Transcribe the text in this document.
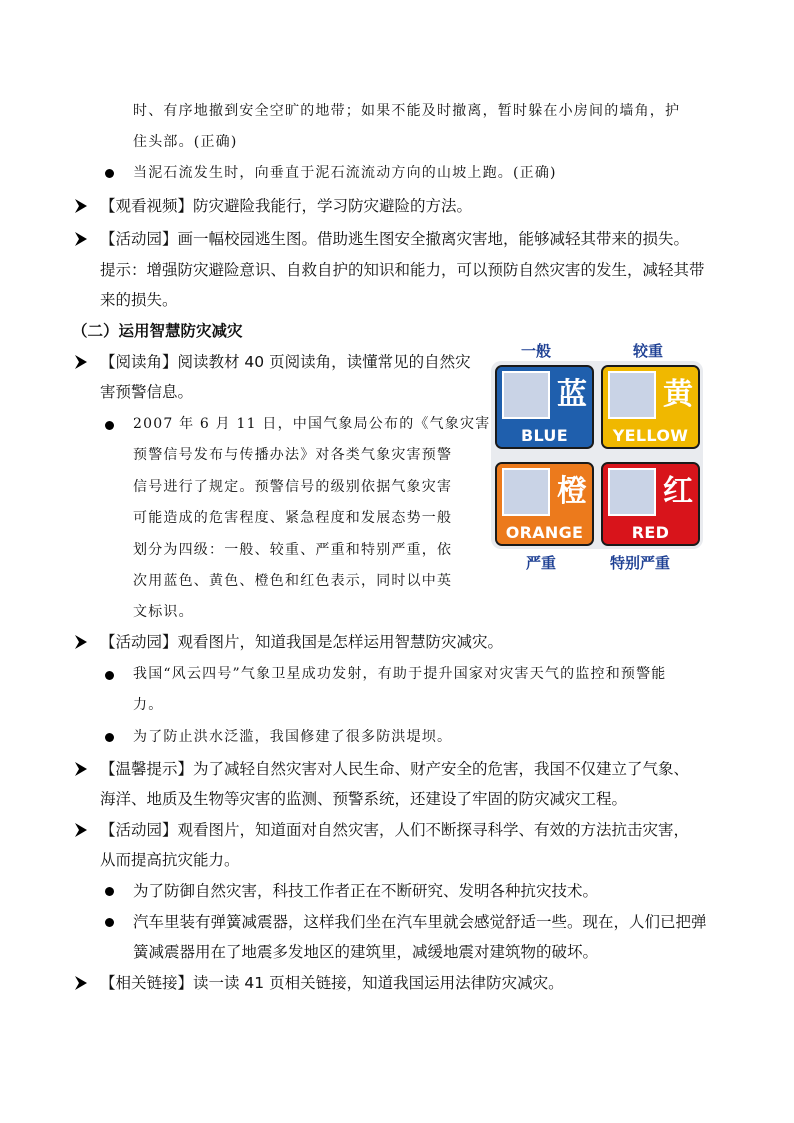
时、有序地撤到安全空旷的地带；如果不能及时撤离，暂时躲在小房间的墙角，护
住头部。(正确)
当泥石流发生时，向垂直于泥石流流动方向的山坡上跑。(正确)
【观看视频】防灾避险我能行，学习防灾避险的方法。
【活动园】画一幅校园逃生图。借助逃生图安全撤离灾害地，能够减轻其带来的损失。
提示：增强防灾避险意识、自救自护的知识和能力，可以预防自然灾害的发生，减轻其带
来的损失。
（二）运用智慧防灾减灾
【阅读角】阅读教材 40 页阅读角，读懂常见的自然灾
害预警信息。
2007 年 6 月 11 日，中国气象局公布的《气象灾害
预警信号发布与传播办法》对各类气象灾害预警
信号进行了规定。预警信号的级别依据气象灾害
可能造成的危害程度、紧急程度和发展态势一般
划分为四级：一般、较重、严重和特别严重，依
次用蓝色、黄色、橙色和红色表示，同时以中英
文标识。
一般	较重
蓝
BLUE
黄
YELLOW
橙
ORANGE
红
RED
严重	特别严重
【活动园】观看图片，知道我国是怎样运用智慧防灾减灾。
我国“风云四号”气象卫星成功发射，有助于提升国家对灾害天气的监控和预警能
力。
为了防止洪水泛滥，我国修建了很多防洪堤坝。
【温馨提示】为了减轻自然灾害对人民生命、财产安全的危害，我国不仅建立了气象、
海洋、地质及生物等灾害的监测、预警系统，还建设了牢固的防灾减灾工程。
【活动园】观看图片，知道面对自然灾害，人们不断探寻科学、有效的方法抗击灾害，
从而提高抗灾能力。
为了防御自然灾害，科技工作者正在不断研究、发明各种抗灾技术。
汽车里装有弹簧减震器，这样我们坐在汽车里就会感觉舒适一些。现在，人们已把弹
簧减震器用在了地震多发地区的建筑里，减缓地震对建筑物的破坏。
【相关链接】读一读 41 页相关链接，知道我国运用法律防灾减灾。
